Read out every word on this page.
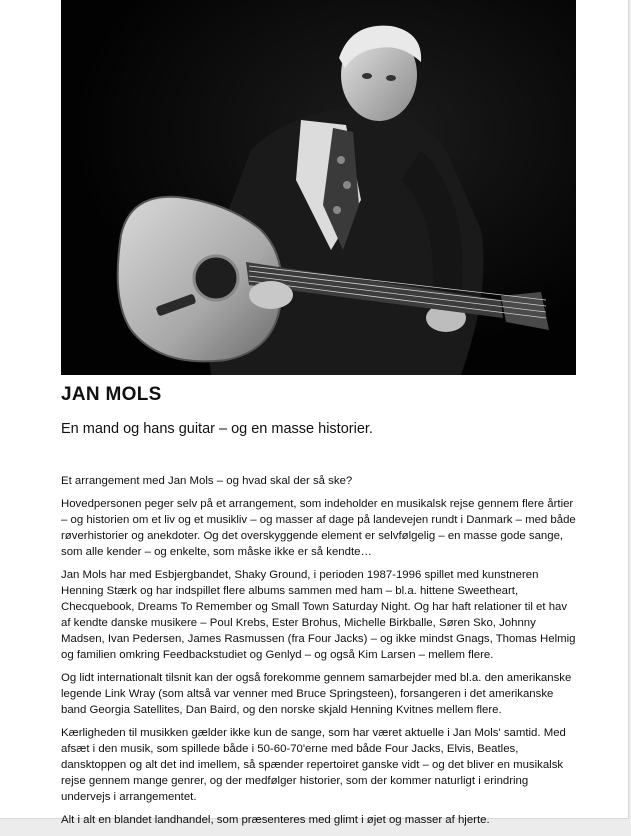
JAN MOLS

En mand og hans guitar – og en masse historier.

Et arrangement med Jan Mols – og hvad skal der så ske?

Hovedpersonen peger selv på et arrangement, som indeholder en musikalsk rejse gennem flere årtier – og historien om et liv og et musikliv – og masser af dage på landevejen rundt i Danmark – med både røverhistorier og anekdoter. Og det overskyggende element er selvfølgelig – en masse gode sange, som alle kender – og enkelte, som måske ikke er så kendte…

Jan Mols har med Esbjergbandet, Shaky Ground, i perioden 1987-1996 spillet med kunstneren Henning Stærk og har indspillet flere albums sammen med ham – bl.a. hittene Sweetheart, Checquebook, Dreams To Remember og Small Town Saturday Night. Og har haft relationer til et hav af kendte danske musikere – Poul Krebs, Ester Brohus, Michelle Birkballe, Søren Sko, Johnny Madsen, Ivan Pedersen, James Rasmussen (fra Four Jacks) – og ikke mindst Gnags, Thomas Helmig og familien omkring Feedbackstudiet og Genlyd – og også Kim Larsen – mellem flere.

Og lidt internationalt tilsnit kan der også forekomme gennem samarbejder med bl.a. den amerikanske legende Link Wray (som altså var venner med Bruce Springsteen), forsangeren i det amerikanske band Georgia Satellites, Dan Baird, og den norske skjald Henning Kvitnes mellem flere.

Kærligheden til musikken gælder ikke kun de sange, som har været aktuelle i Jan Mols' samtid. Med afsæt i den musik, som spillede både i 50-60-70'erne med både Four Jacks, Elvis, Beatles, dansktoppen og alt det ind imellem, så spænder repertoiret ganske vidt – og det bliver en musikalsk rejse gennem mange genrer, og der medfølger historier, som der kommer naturligt i erindring undervejs i arrangementet.

Alt i alt en blandet landhandel, som præsenteres med glimt i øjet og masser af hjerte.
